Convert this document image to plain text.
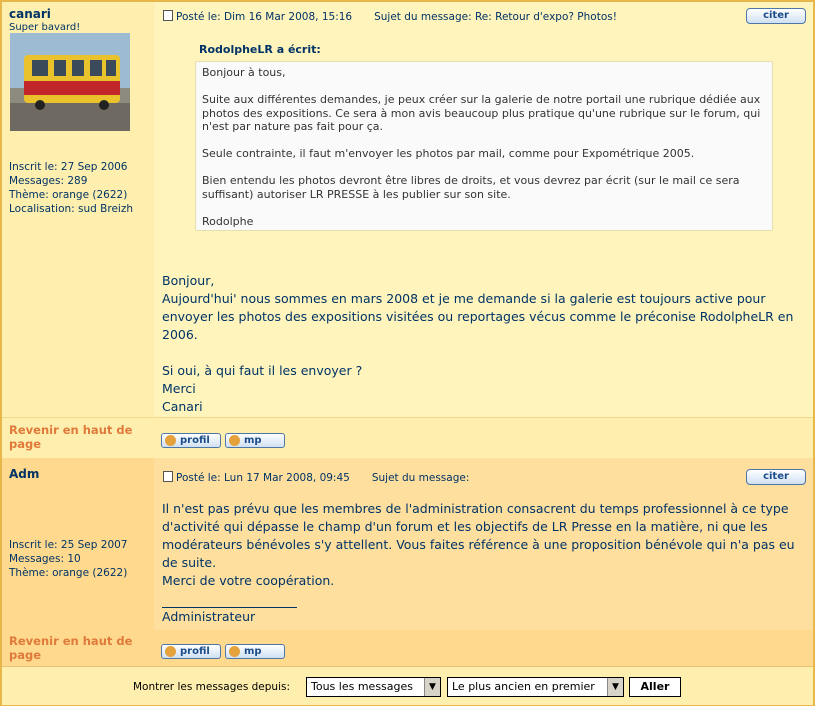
canari
Super bavard!
Inscrit le: 27 Sep 2006
Messages: 289
Thème: orange (2622)
Localisation: sud Breizh
Posté le: Dim 16 Mar 2008, 15:16 Sujet du message: Re: Retour d'expo? Photos!	citer
RodolpheLR a écrit:

Bonjour à tous,

Suite aux différentes demandes, je peux créer sur la galerie de notre portail une rubrique dédiée aux photos des expositions. Ce sera à mon avis beaucoup plus pratique qu'une rubrique sur le forum, qui n'est par nature pas fait pour ça.

Seule contrainte, il faut m'envoyer les photos par mail, comme pour Expométrique 2005.

Bien entendu les photos devront être libres de droits, et vous devrez par écrit (sur le mail ce sera suffisant) autoriser LR PRESSE à les publier sur son site.

Rodolphe

Bonjour,

Aujourd'hui' nous sommes en mars 2008 et je me demande si la galerie est toujours active pour envoyer les photos des expositions visitées ou reportages vécus comme le préconise RodolpheLR en 2006.

Si oui, à qui faut il les envoyer ?

Merci

Canari

Revenir en haut de page	profil	mp
Adm
Inscrit le: 25 Sep 2007
Messages: 10
Thème: orange (2622)
Posté le: Lun 17 Mar 2008, 09:45 Sujet du message:	citer

Il n'est pas prévu que les membres de l'administration consacrent du temps professionnel à ce type d'activité qui dépasse le champ d'un forum et les objectifs de LR Presse en la matière, ni que les modérateurs bénévoles s'y attellent. Vous faites référence à une proposition bénévole qui n'a pas eu de suite.

Merci de votre coopération.

Administrateur

Revenir en haut de page	profil	mp
Montrer les messages depuis:	Tous les messages	▼	Le plus ancien en premier	▼	Aller
